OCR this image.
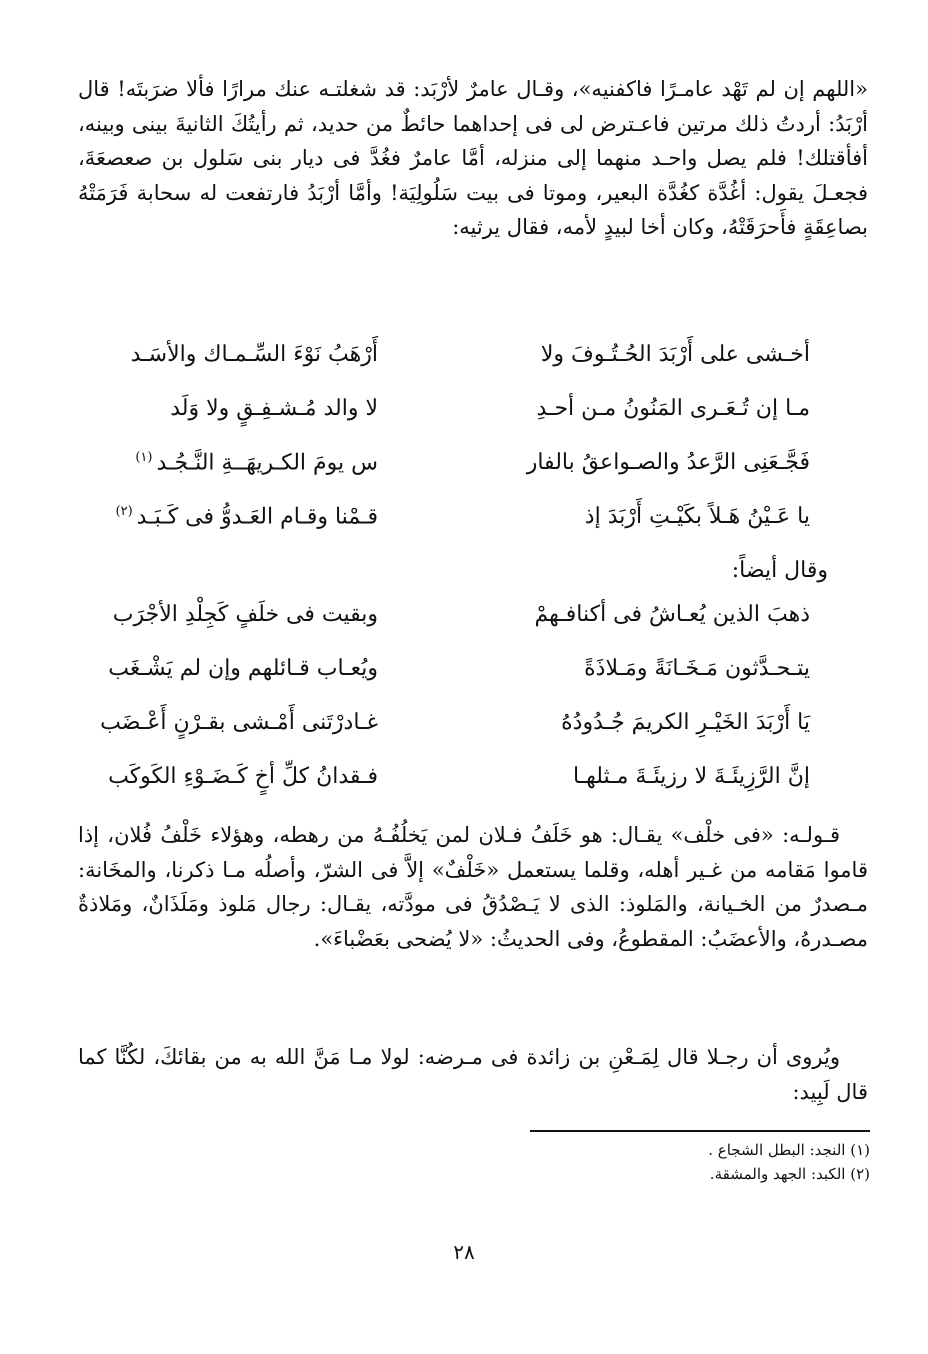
«اللهم إن لم تَهْد عامـرًا فاكفنيه»، وقـال عامرٌ لأرْبَد: قد شغلتـه عنك مرارًا فألا ضرَبتَه! قال أرْبَدُ: أردتُ ذلك مرتين فاعـترض لى فى إحداهما حائطٌ من حديد، ثم رأيتُكَ الثانيةَ بينى وبينه، أفأقتلك! فلم يصل واحـد منهما إلى منزله، أمَّا عامرٌ فغُدَّ فى ديار بنى سَلول بن صعصعَةَ، فجعـلَ يقول: أغُدَّة كغُدَّة البعير، وموتا فى بيت سَلُولِيَة! وأمَّا أرْبَدُ فارتفعت له سحابة فَرَمَتْهُ بصاعِقَةٍ فأَحرَقَتْهُ، وكان أخا لبيدٍ لأمه، فقال يرثيه:

أخـشى على أَرْبَدَ الحُـتُـوفَ ولا
أَرْهَبُ نَوْءَ السِّـمـاك والأسَـد
مـا إن تُـعَـرى المَنُونُ مـن أحـدِ
لا والد مُـشـفِـقٍ ولا وَلَد
فَجَّـعَنِى الرَّعدُ والصـواعقُ بالفار
س يومَ الكـريهَــةِ النَّـجُـد$^{(١)}$
يا عَـيْنُ هَـلاً بكَيْـتِ أَرْبَدَ إذ
قـمْنا وقـام العَـدوُّ فى كَـبَـد$^{(٢)}$
وقال أيضاً:
ذهبَ الذين يُعـاشُ فى أكنافـهمْ
وبقيت فى خلَفٍ كَجِلْدِ الأجْرَب
يتـحـدَّثون مَـخَـانَةً ومَـلاذَةً
ويُعـاب قـائلهم وإن لم يَشْـغَب
يَا أَرْبَدَ الخَيْـرِ الكريمَ جُـدُودُهُ
غـادرْتَنى أَمْـشى بقـرْنٍ أَعْـضَب
إنَّ الرَّزِيئَـةَ لا رزيئَـةَ مـثلهـا
فـقدانُ كلِّ أخٍ كَـضَـوْءِ الكَوكَب

قـولـه: «فى خلْف» يقـال: هو خَلَفُ فـلان لمن يَخلُفُـهُ من رهطه، وهؤلاء خَلْفُ فُلان، إذا قاموا مَقامه من غـير أهله، وقلما يستعمل «خَلْفٌ» إلاَّ فى الشرّ، وأصلُه مـا ذكرنا، والمخَانة: مـصدرٌ من الخـيانة، والمَلوذ: الذى لا يَـصْدُقُ فى مودَّته، يقـال: رجال مَلوذ ومَلَذَانٌ، ومَلاذةٌ مصـدرهُ، والأعضَبُ: المقطوعُ، وفى الحديثُ: «لا يُضحى بعَضْباءَ».

ويُروى أن رجـلا قال لِمَـعْنِ بن زائدة فى مـرضه: لولا مـا مَنَّ الله به من بقائكَ، لكُنَّا كما قال لَبِيد:

(١) النجد: البطل الشجاع .
(٢) الكبد: الجهد والمشقة.
٢٨
